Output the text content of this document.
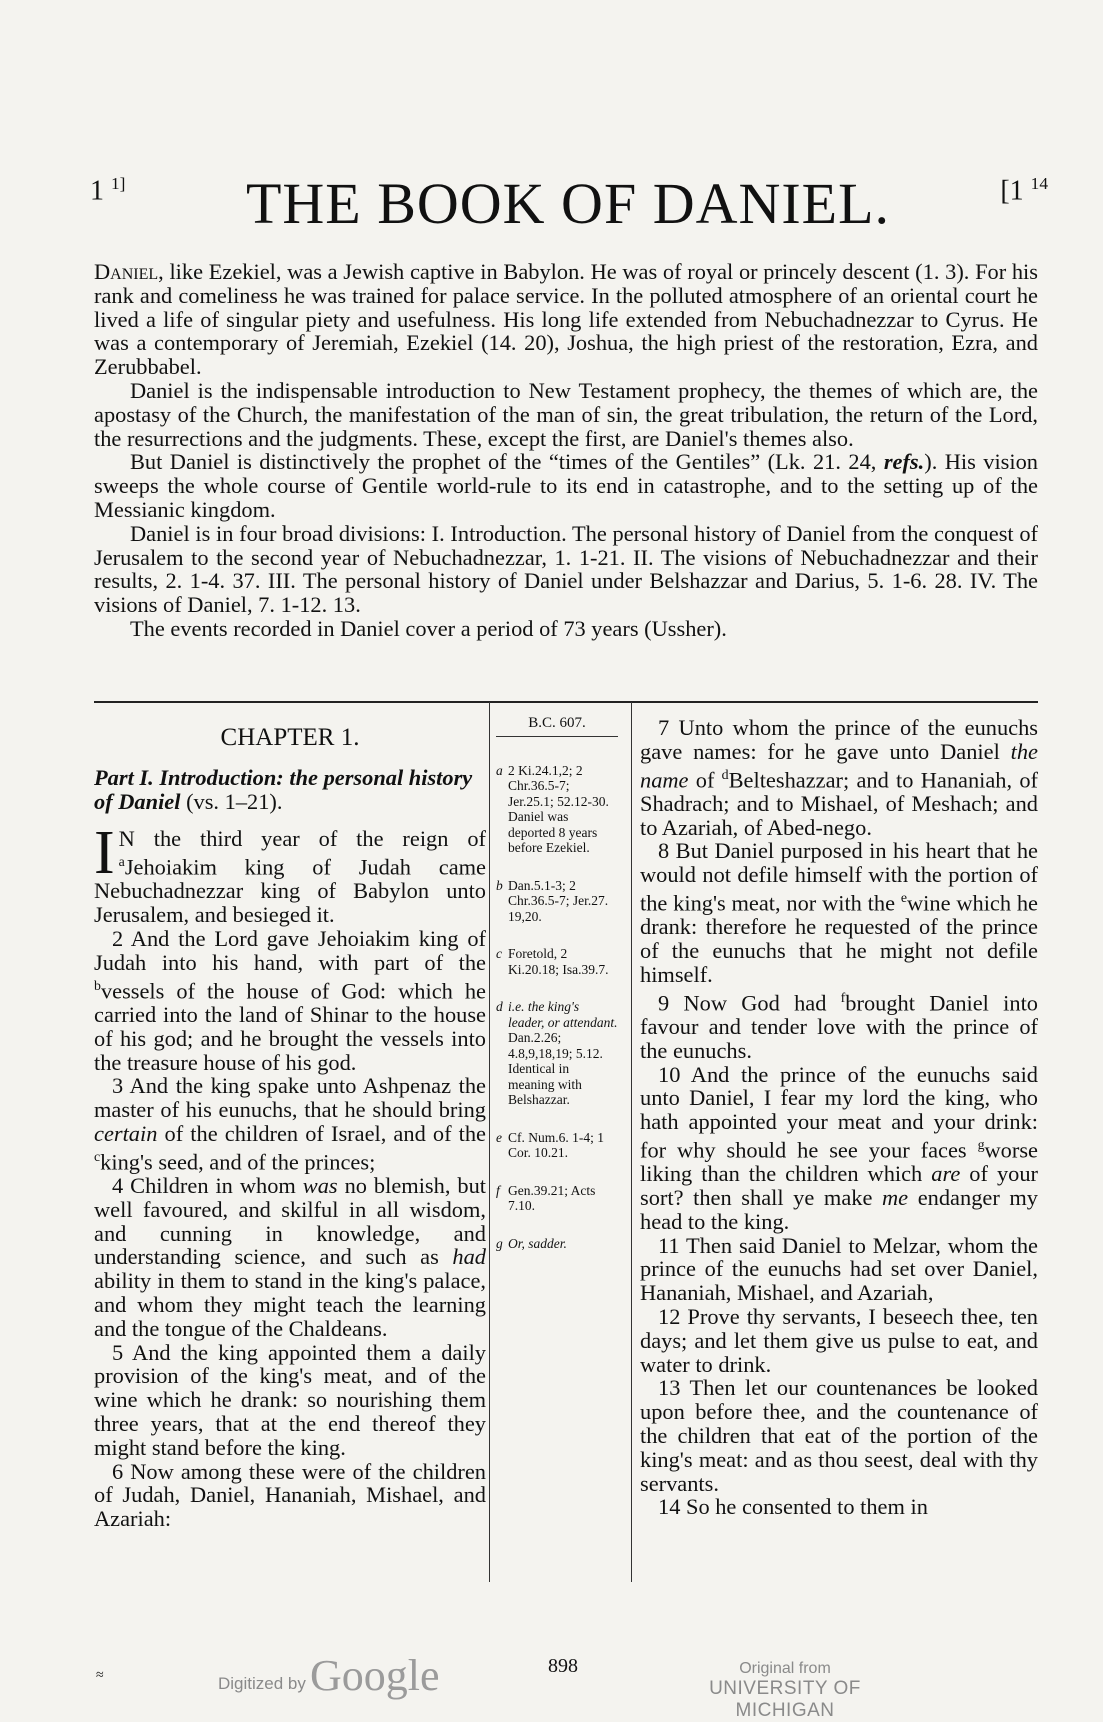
1 $^{1]}$	THE BOOK OF DANIEL.	[1 $^{14}$

Daniel, like Ezekiel, was a Jewish captive in Babylon. He was of royal or princely descent (1. 3). For his rank and comeliness he was trained for palace service. In the polluted atmosphere of an oriental court he lived a life of singular piety and usefulness. His long life extended from Nebuchadnezzar to Cyrus. He was a contemporary of Jeremiah, Ezekiel (14. 20), Joshua, the high priest of the restoration, Ezra, and Zerubbabel.

Daniel is the indispensable introduction to New Testament prophecy, the themes of which are, the apostasy of the Church, the manifestation of the man of sin, the great tribulation, the return of the Lord, the resurrections and the judgments. These, except the first, are Daniel's themes also.

But Daniel is distinctively the prophet of the “times of the Gentiles” (Lk. 21. 24, refs.). His vision sweeps the whole course of Gentile world-rule to its end in catastrophe, and to the setting up of the Messianic kingdom.

Daniel is in four broad divisions: I. Introduction. The personal history of Daniel from the conquest of Jerusalem to the second year of Nebuchadnezzar, 1. 1-21. II. The visions of Nebuchadnezzar and their results, 2. 1-4. 37. III. The personal history of Daniel under Belshazzar and Darius, 5. 1-6. 28. IV. The visions of Daniel, 7. 1-12. 13.

The events recorded in Daniel cover a period of 73 years (Ussher).

CHAPTER 1.
Part I. Introduction: the personal history of Daniel (vs. 1–21).

I N the third year of the reign of $^a$Jehoiakim king of Judah came Nebuchadnezzar king of Babylon unto Jerusalem, and besieged it.

2 And the Lord gave Jehoiakim king of Judah into his hand, with part of the $^b$vessels of the house of God: which he carried into the land of Shinar to the house of his god; and he brought the vessels into the treasure house of his god.

3 And the king spake unto Ashpenaz the master of his eunuchs, that he should bring certain of the children of Israel, and of the $^c$king's seed, and of the princes;

4 Children in whom was no blemish, but well favoured, and skilful in all wisdom, and cunning in knowledge, and understanding science, and such as had ability in them to stand in the king's palace, and whom they might teach the learning and the tongue of the Chaldeans.

5 And the king appointed them a daily provision of the king's meat, and of the wine which he drank: so nourishing them three years, that at the end thereof they might stand before the king.

6 Now among these were of the children of Judah, Daniel, Hananiah, Mishael, and Azariah:

B.C. 607.
a 2 Ki.24.1,2; 2 Chr.36.5-7; Jer.25.1; 52.12-30. Daniel was deported 8 years before Ezekiel.
b Dan.5.1-3; 2 Chr.36.5-7; Jer.27. 19,20.
c Foretold, 2 Ki.20.18; Isa.39.7.
d i.e. the king's leader, or attendant. Dan.2.26; 4.8,9,18,19; 5.12. Identical in meaning with Belshazzar.
e Cf. Num.6. 1-4; 1 Cor. 10.21.
f Gen.39.21; Acts 7.10.
g Or, sadder.

7 Unto whom the prince of the eunuchs gave names: for he gave unto Daniel the name of $^d$Belteshazzar; and to Hananiah, of Shadrach; and to Mishael, of Meshach; and to Azariah, of Abed-nego.

8 But Daniel purposed in his heart that he would not defile himself with the portion of the king's meat, nor with the $^e$wine which he drank: therefore he requested of the prince of the eunuchs that he might not defile himself.

9 Now God had $^f$brought Daniel into favour and tender love with the prince of the eunuchs.

10 And the prince of the eunuchs said unto Daniel, I fear my lord the king, who hath appointed your meat and your drink: for why should he see your faces $^g$worse liking than the children which are of your sort? then shall ye make me endanger my head to the king.

11 Then said Daniel to Melzar, whom the prince of the eunuchs had set over Daniel, Hananiah, Mishael, and Azariah,

12 Prove thy servants, I beseech thee, ten days; and let them give us pulse to eat, and water to drink.

13 Then let our countenances be looked upon before thee, and the countenance of the children that eat of the portion of the king's meat: and as thou seest, deal with thy servants.

14 So he consented to them in

≈	898
Digitized by Google	Original from
UNIVERSITY OF MICHIGAN
